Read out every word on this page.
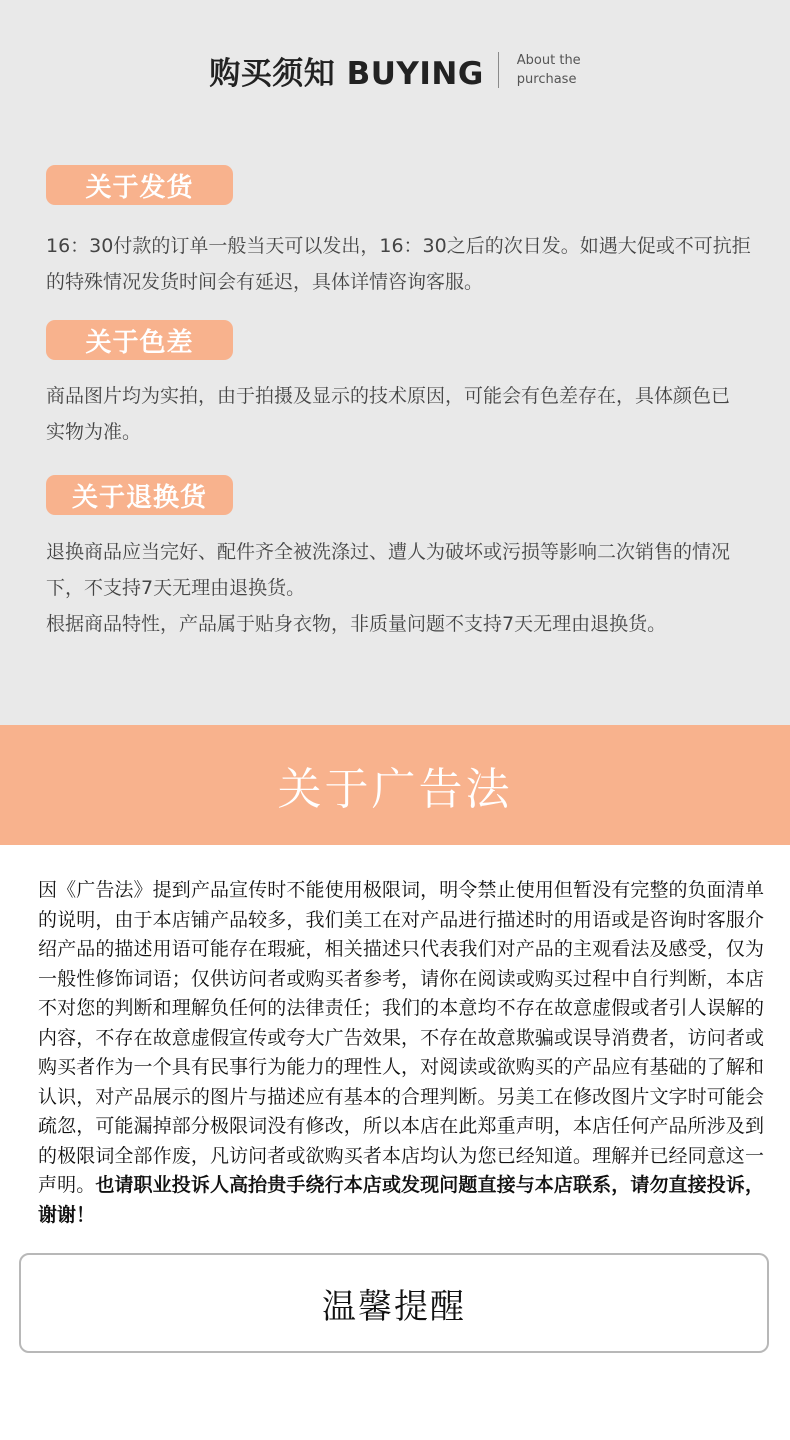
购买须知 BUYING	About the
purchase
关于发货

16：30付款的订单一般当天可以发出，16：30之后的次日发。如遇大促或不可抗拒的特殊情况发货时间会有延迟，具体详情咨询客服。

关于色差

商品图片均为实拍，由于拍摄及显示的技术原因，可能会有色差存在，具体颜色已实物为准。

关于退换货

退换商品应当完好、配件齐全被洗涤过、遭人为破坏或污损等影响二次销售的情况下，不支持7天无理由退换货。

根据商品特性，产品属于贴身衣物，非质量问题不支持7天无理由退换货。

关于广告法

因《广告法》提到产品宣传时不能使用极限词，明令禁止使用但暂没有完整的负面清单的说明，由于本店铺产品较多，我们美工在对产品进行描述时的用语或是咨询时客服介绍产品的描述用语可能存在瑕疵，相关描述只代表我们对产品的主观看法及感受，仅为一般性修饰词语；仅供访问者或购买者参考，请你在阅读或购买过程中自行判断，本店不对您的判断和理解负任何的法律责任；我们的本意均不存在故意虚假或者引人误解的内容，不存在故意虚假宣传或夸大广告效果，不存在故意欺骗或误导消费者，访问者或购买者作为一个具有民事行为能力的理性人，对阅读或欲购买的产品应有基础的了解和认识，对产品展示的图片与描述应有基本的合理判断。另美工在修改图片文字时可能会疏忽，可能漏掉部分极限词没有修改，所以本店在此郑重声明，本店任何产品所涉及到的极限词全部作废，凡访问者或欲购买者本店均认为您已经知道。理解并已经同意这一声明。也请职业投诉人高抬贵手绕行本店或发现问题直接与本店联系，请勿直接投诉，谢谢！

温馨提醒
